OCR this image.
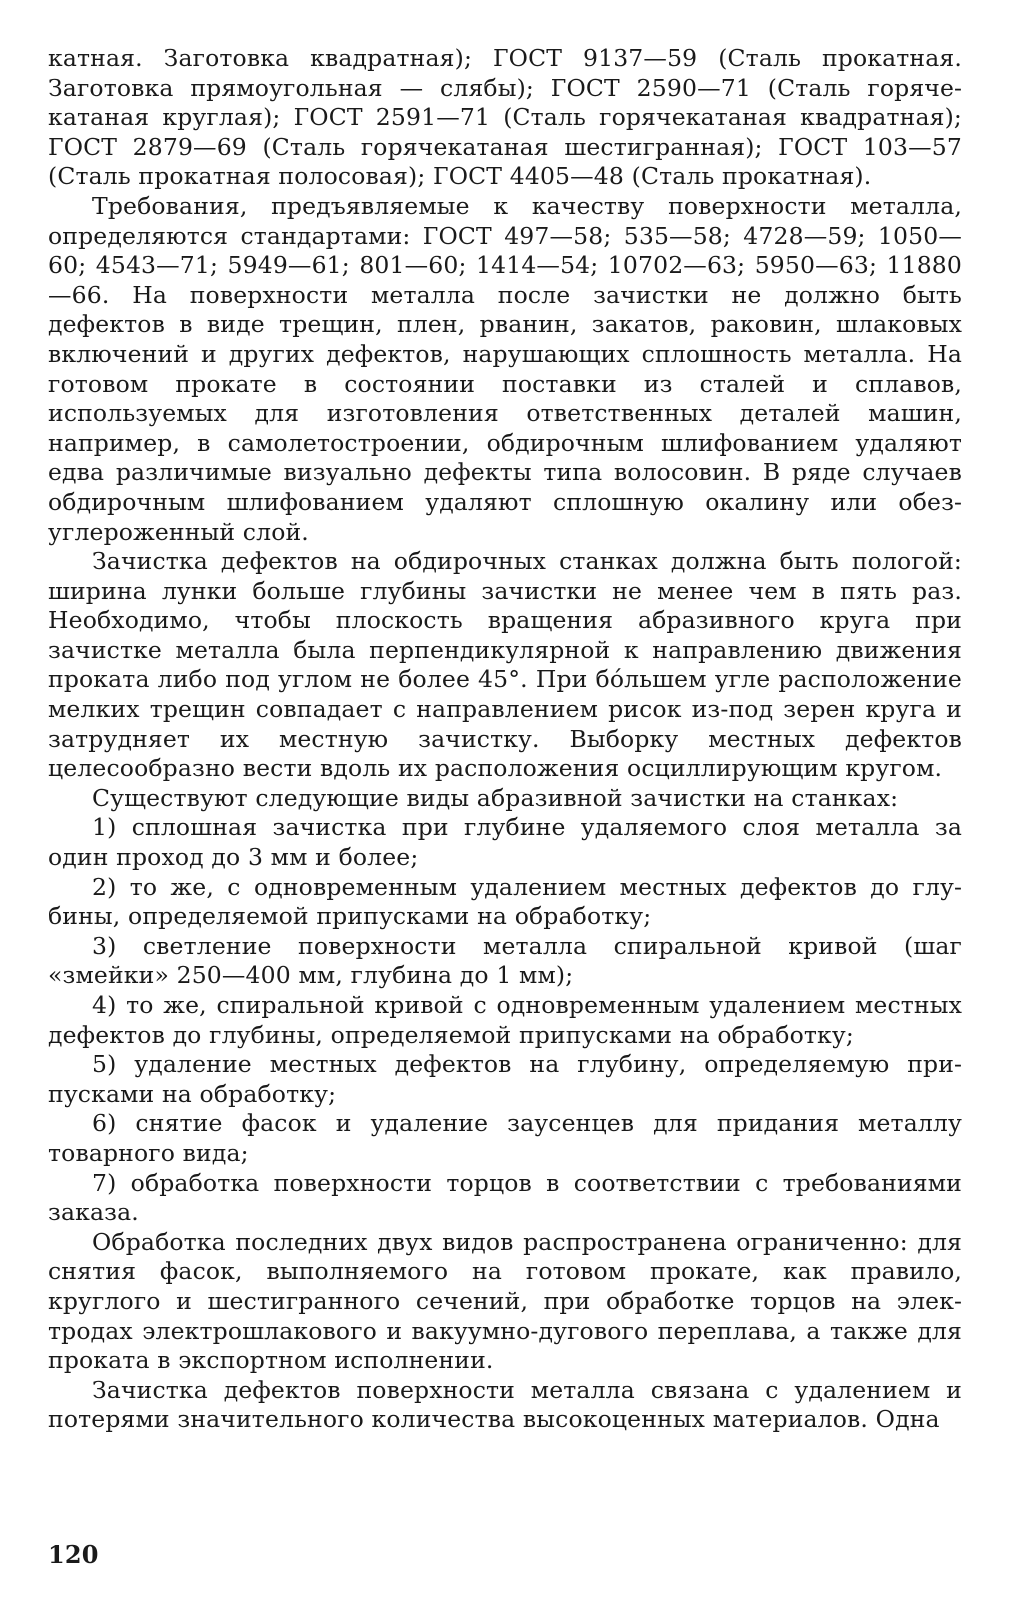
катная. Заготовка квадратная); ГОСТ 9137—59 (Сталь прокатная. Заготовка прямоугольная — слябы); ГОСТ 2590—71 (Сталь горячекатаная круглая); ГОСТ 2591—71 (Сталь горячекатаная квадратная); ГОСТ 2879—69 (Сталь горячекатаная шестигранная); ГОСТ 103—57 (Сталь прокатная полосовая); ГОСТ 4405—48 (Сталь прокатная).

Требования, предъявляемые к качеству поверхности металла, определяются стандартами: ГОСТ 497—58; 535—58; 4728—59; 1050—60; 4543—71; 5949—61; 801—60; 1414—54; 10702—63; 5950—63; 11880—66. На поверхности металла после зачистки не должно быть дефектов в виде трещин, плен, рванин, закатов, раковин, шлаковых включений и других дефектов, нарушающих сплошность металла. На готовом прокате в состоянии поставки из сталей и сплавов, используемых для изготовления ответственных деталей машин, например, в самолетостроении, обдирочным шлифованием удаляют едва различимые визуально дефекты типа волосовин. В ряде случаев обдирочным шлифованием удаляют сплошную окалину или обезуглероженный слой.

Зачистка дефектов на обдирочных станках должна быть пологой: ширина лунки больше глубины зачистки не менее чем в пять раз. Необходимо, чтобы плоскость вращения абразивного круга при зачистке металла была перпендикулярной к направлению движения проката либо под углом не более 45°. При бóльшем угле расположение мелких трещин совпадает с направлением рисок из-под зерен круга и затрудняет их местную зачистку. Выборку местных дефектов целесообразно вести вдоль их расположения осциллирующим кругом.

Существуют следующие виды абразивной зачистки на станках:

1) сплошная зачистка при глубине удаляемого слоя металла за один проход до 3 мм и более;

2) то же, с одновременным удалением местных дефектов до глубины, определяемой припусками на обработку;

3) светление поверхности металла спиральной кривой (шаг «змейки» 250—400 мм, глубина до 1 мм);

4) то же, спиральной кривой с одновременным удалением местных дефектов до глубины, определяемой припусками на обработку;

5) удаление местных дефектов на глубину, определяемую припусками на обработку;

6) снятие фасок и удаление заусенцев для придания металлу товарного вида;

7) обработка поверхности торцов в соответствии с требованиями заказа.

Обработка последних двух видов распространена ограниченно: для снятия фасок, выполняемого на готовом прокате, как правило, круглого и шестигранного сечений, при обработке торцов на электродах электрошлакового и вакуумно-дугового переплава, а также для проката в экспортном исполнении.

Зачистка дефектов поверхности металла связана с удалением и потерями значительного количества высокоценных материалов. Одна

120
